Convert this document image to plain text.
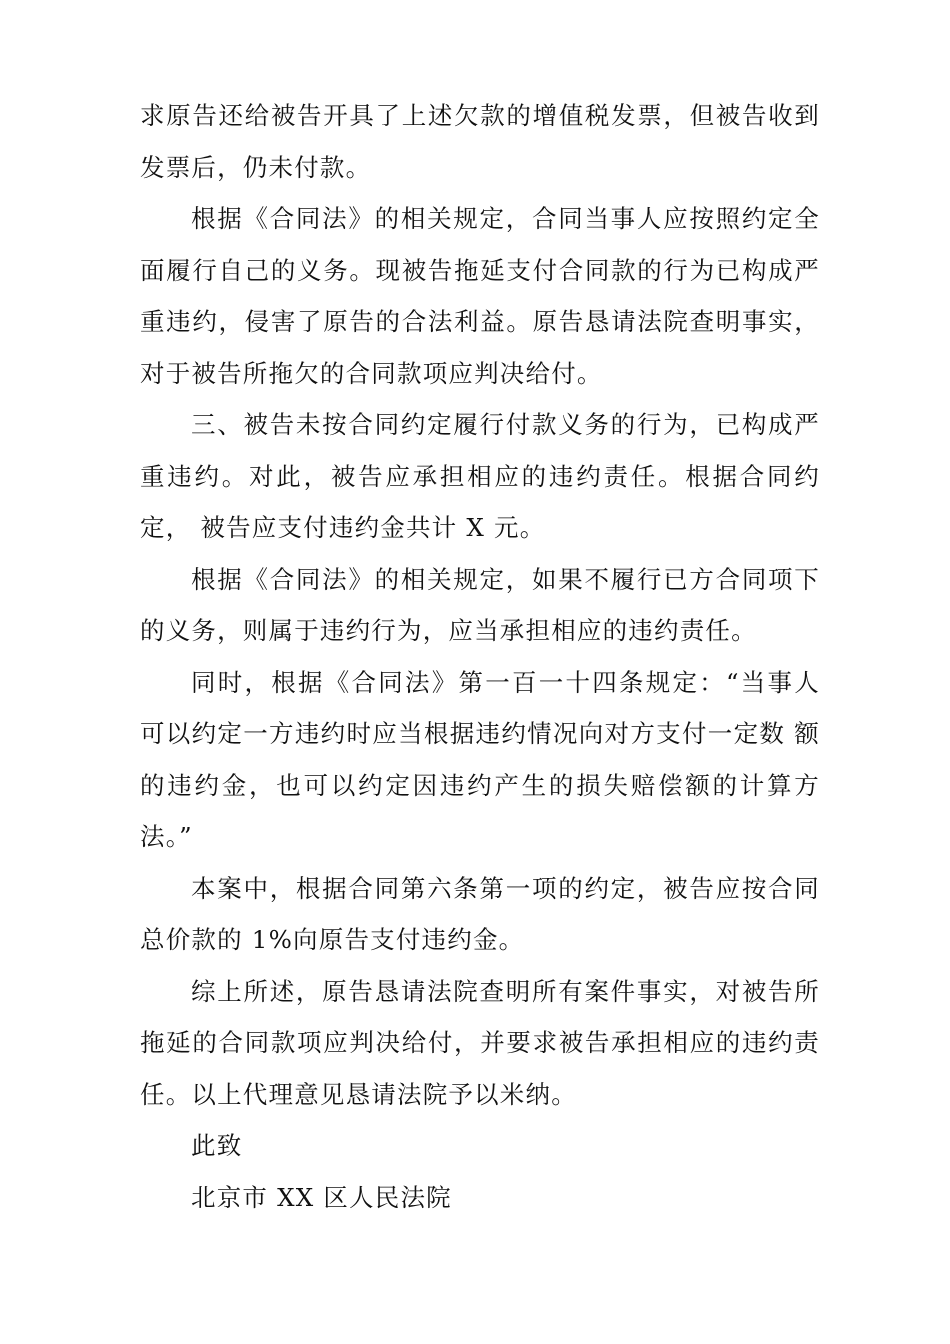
求原告还给被告开具了上述欠款的增值税发票，但被告收到发票后，仍未付款。

根据《合同法》的相关规定，合同当事人应按照约定全面履行自己的义务。现被告拖延支付合同款的行为已构成严重违约，侵害了原告的合法利益。原告恳请法院查明事实，对于被告所拖欠的合同款项应判决给付。

三、被告未按合同约定履行付款义务的行为，已构成严重违约。对此，被告应承担相应的违约责任。根据合同约定， 被告应支付违约金共计 X 元。

根据《合同法》的相关规定，如果不履行已方合同项下的义务，则属于违约行为，应当承担相应的违约责任。

同时，根据《合同法》第一百一十四条规定：“当事人可以约定一方违约时应当根据违约情况向对方支付一定数 额的违约金，也可以约定因违约产生的损失赔偿额的计算方法。”

本案中，根据合同第六条第一项的约定，被告应按合同总价款的 1%向原告支付违约金。

综上所述，原告恳请法院查明所有案件事实，对被告所拖延的合同款项应判决给付，并要求被告承担相应的违约责任。以上代理意见恳请法院予以米纳。

此致

北京市 XX 区人民法院
